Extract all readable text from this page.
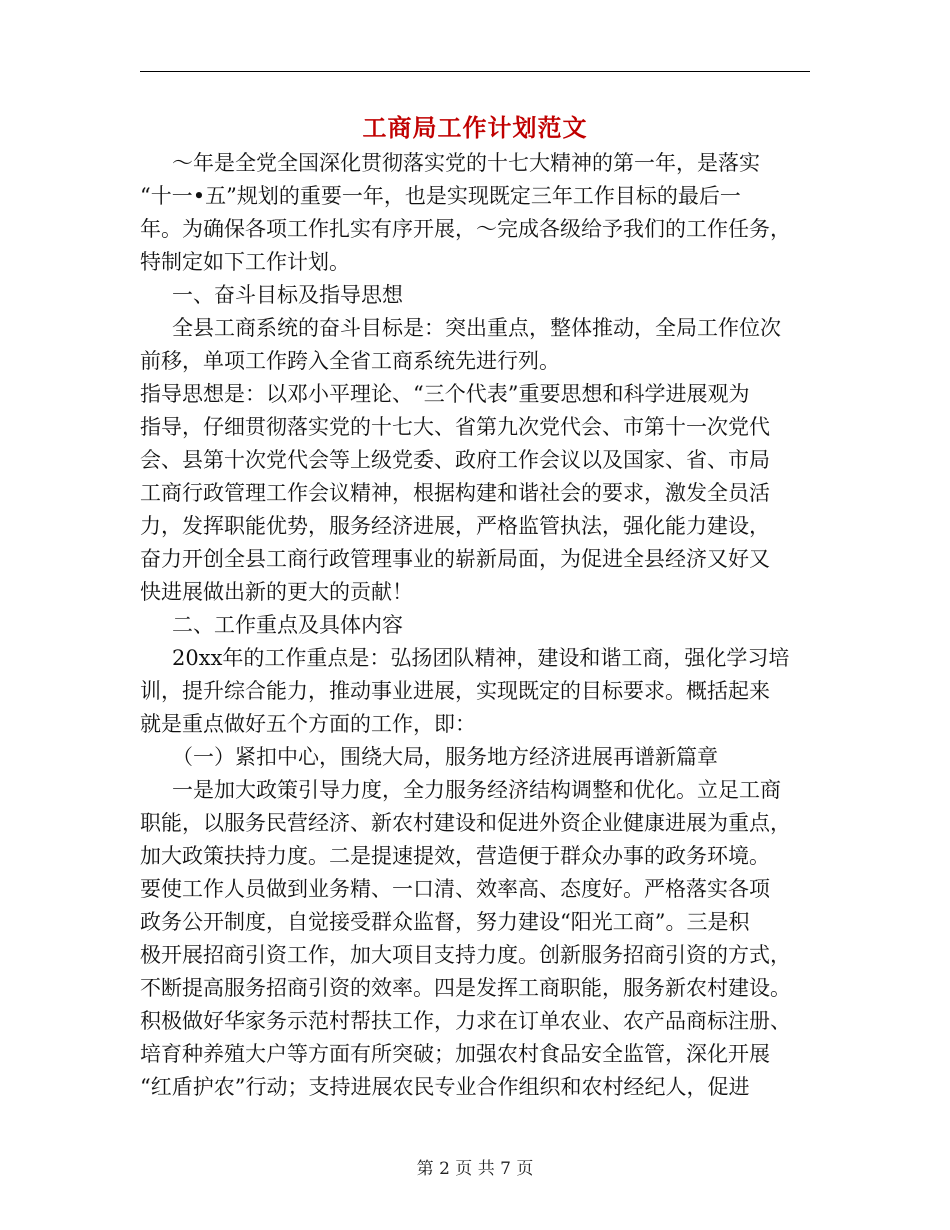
工商局工作计划范文
～年是全党全国深化贯彻落实党的十七大精神的第一年，是落实
“十一•五”规划的重要一年，也是实现既定三年工作目标的最后一
年。为确保各项工作扎实有序开展，～完成各级给予我们的工作任务，
特制定如下工作计划。
一、奋斗目标及指导思想
全县工商系统的奋斗目标是：突出重点，整体推动，全局工作位次
前移，单项工作跨入全省工商系统先进行列。
指导思想是：以邓小平理论、“三个代表”重要思想和科学进展观为
指导，仔细贯彻落实党的十七大、省第九次党代会、市第十一次党代
会、县第十次党代会等上级党委、政府工作会议以及国家、省、市局
工商行政管理工作会议精神，根据构建和谐社会的要求，激发全员活
力，发挥职能优势，服务经济进展，严格监管执法，强化能力建设，
奋力开创全县工商行政管理事业的崭新局面，为促进全县经济又好又
快进展做出新的更大的贡献！
二、工作重点及具体内容
20xx年的工作重点是：弘扬团队精神，建设和谐工商，强化学习培
训，提升综合能力，推动事业进展，实现既定的目标要求。概括起来
就是重点做好五个方面的工作，即：
（一）紧扣中心，围绕大局，服务地方经济进展再谱新篇章
一是加大政策引导力度，全力服务经济结构调整和优化。立足工商
职能，以服务民营经济、新农村建设和促进外资企业健康进展为重点，
加大政策扶持力度。二是提速提效，营造便于群众办事的政务环境。
要使工作人员做到业务精、一口清、效率高、态度好。严格落实各项
政务公开制度，自觉接受群众监督，努力建设“阳光工商”。三是积
极开展招商引资工作，加大项目支持力度。创新服务招商引资的方式，
不断提高服务招商引资的效率。四是发挥工商职能，服务新农村建设。
积极做好华家务示范村帮扶工作，力求在订单农业、农产品商标注册、
培育种养殖大户等方面有所突破；加强农村食品安全监管，深化开展
“红盾护农”行动；支持进展农民专业合作组织和农村经纪人，促进
第 2 页 共 7 页
